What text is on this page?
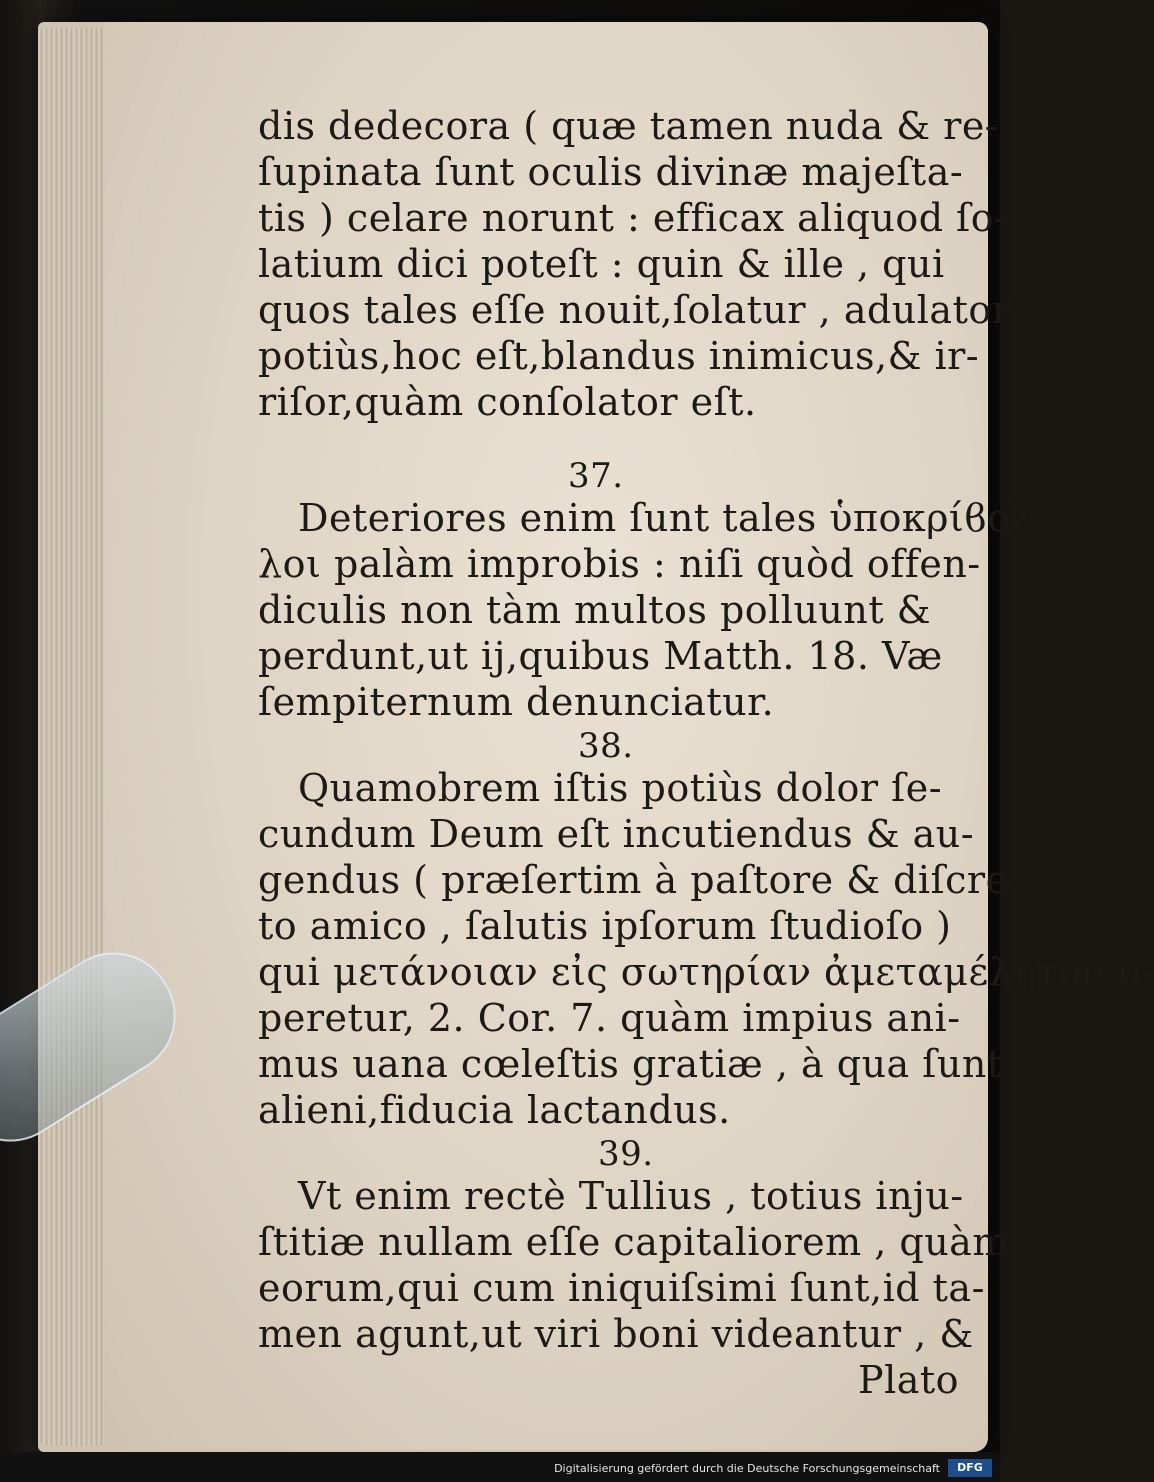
dis dedecora ( quæ tamen nuda & re-
ſupinata ſunt oculis divinæ majeſta-
tis ) celare norunt : efficax aliquod ſo-
latium dici poteſt : quin & ille , qui
quos tales eſſe nouit,ſolatur , adulator
potiùs,hoc eſt,blandus inimicus,& ir-
riſor,quàm conſolator eſt.
37.
Deteriores enim ſunt tales ὑποκρίϐολ-
λοι palàm improbis : niſi quòd offen-
diculis non tàm multos polluunt &
perdunt,ut ij,quibus Matth. 18. Væ
ſempiternum denunciatur.
38.
Quamobrem iſtis potiùs dolor ſe-
cundum Deum eſt incutiendus & au-
gendus ( præſertim à paſtore & diſcre-
to amico , ſalutis ipſorum ſtudioſo )
qui μετάνοιαν εἰς σωτηρίαν ἀμεταμέλητον o-
peretur, 2. Cor. 7. quàm impius ani-
mus uana cœleſtis gratiæ , à qua ſunt
alieni,fiducia lactandus.
39.
Vt enim rectè Tullius , totius inju-
ſtitiæ nullam eſſe capitaliorem , quàm
eorum,qui cum iniquiſsimi ſunt,id ta-
men agunt,ut viri boni videantur , &
Plato
Digitalisierung gefördert durch die Deutsche Forschungsgemeinschaft	DFG
